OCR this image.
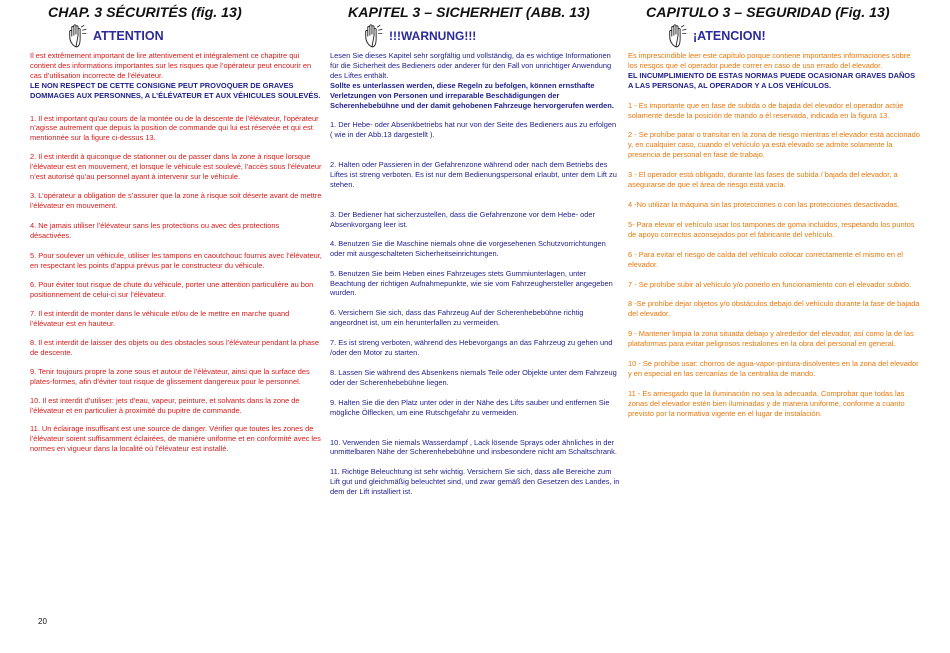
CHAP. 3 SÉCURITÉS (fig. 13)
ATTENTION

Il est extrêmement important de lire attentivement et intégralement ce chapitre qui contient des informations importantes sur les risques que l’opérateur peut encourir en cas d’utilisation incorrecte de l’élévateur.
LE NON RESPECT DE CETTE CONSIGNE PEUT PROVOQUER DE GRAVES DOMMAGES AUX PERSONNES, A L’ÉLÉVATEUR ET AUX VÉHICULES SOULEVÉS.

1. Il est important qu’au cours de la montée ou de la descente de l’élévateur, l’opérateur n’agisse autrement que depuis la position de commande qui lui est réservée et qui est mentionnée sur la figure ci-dessus 13.

2. Il est interdit à quiconque de stationner ou de passer dans la zone à risque lorsque l’élévateur est en mouvement, et lorsque le véhicule est soulevé, l’accès sous l’élévateur n’est autorisé qu’au personnel ayant à intervenir sur le véhicule.

3. L’opérateur a obligation de s’assurer que la zone à risque soit déserte avant de mettre l’élévateur en mouvement.

4. Ne jamais utiliser l’élévateur sans les protections ou avec des protections désactivées.

5. Pour soulever un véhicule, utiliser les tampons en caoutchouc fournis avec l’élévateur, en respectant les points d’appui prévus par le constructeur du véhicule.

6. Pour éviter tout risque de chute du véhicule, porter une attention particulière au bon positionnement de celui-ci sur l’élévateur.

7. Il est interdit de monter dans le véhicule et/ou de le mettre en marche quand l’élévateur est en hauteur.

8. Il est interdit de laisser des objets ou des obstacles sous l’élévateur pendant la phase de descente.

9. Tenir toujours propre la zone sous et autour de l’élévateur, ainsi que la surface des plates-formes, afin d’éviter tout risque de glissement dangereux pour le personnel.

10. Il est interdit d’utiliser: jets d’eau, vapeur, peinture, et solvants dans la zone de l’élévateur et en particulier à proximité du pupitre de commande.

11. Un éclairage insuffisant est une source de danger. Vérifier que toutes les zones de l’élévateur soient suffisamment éclairées, de manière uniforme et en conformité avec les normes en vigueur dans la localité où l’élévateur est installé.

KAPITEL 3 – SICHERHEIT (ABB. 13)
!!!WARNUNG!!!

Lesen Sie dieses Kapitel sehr sorgfältig und vollständig, da es wichtige Informationen für die Sicherheit des Bedieners oder anderer für den Fall von unrichtiger Anwendung des Liftes enthält.
Sollte es unterlassen werden, diese Regeln zu befolgen, können ernsthafte Verletzungen von Personen und irreparable Beschädigungen der Scherenhebebühne und der damit gehobenen Fahrzeuge hervorgerufen werden.

1. Der Hebe- oder Absenkbetriebs hat nur von der Seite des Bedieners aus zu erfolgen ( wie in der Abb.13 dargestellt ).

2. Halten oder Passieren in der Gefahrenzone während oder nach dem Betriebs des Liftes ist streng verboten. Es ist nur dem Bedienungspersonal erlaubt, unter dem Lift zu stehen.

3. Der Bediener hat sicherzustellen, dass die Gefahrenzone vor dem Hebe- oder Absenkvorgang leer ist.

4. Benutzen Sie die Maschine niemals ohne die vorgesehenen Schutzvorrichtungen oder mit ausgeschalteten Sicherheitseinrichtungen.

5. Benutzen Sie beim Heben eines Fahrzeuges stets Gummiunterlagen, unter Beachtung der richtigen Aufnahmepunkte, wie sie vom Fahrzeughersteller angegeben wurden.

6. Versichern Sie sich, dass das Fahrzeug Auf der Scherenhebebühne richtig angeordnet ist, um ein herunterfallen zu vermeiden.

7. Es ist streng verboten, während des Hebevorgangs an das Fahrzeug zu gehen und /oder den Motor zu starten.

8. Lassen Sie während des Absenkens niemals Teile oder Objekte unter dem Fahrzeug oder der Scherenhebebühne liegen.

9. Halten Sie die den Platz unter oder in der Nähe des Lifts sauber und entfernen Sie mögliche Ölflecken, um eine Rutschgefahr zu vermeiden.

10. Verwenden Sie niemals Wasserdampf , Lack lösende Sprays oder ähnliches in der unmittelbaren Nähe der Scherenhebebühne und insbesondere nicht am Schaltschrank.

11. Richtige Beleuchtung ist sehr wichtig. Versichern Sie sich, dass alle Bereiche zum Lift gut und gleichmäßig beleuchtet sind, und zwar gemäß den Gesetzen des Landes, in dem der Lift installiert ist.

CAPITULO 3 – SEGURIDAD (Fig. 13)
¡ATENCION!

Es imprescindible leer este capítulo porque contiene importantes informaciones sobre los riesgos que el operador puede correr en caso de uso errado del elevador.
EL INCUMPLIMIENTO DE ESTAS NORMAS PUEDE OCASIONAR GRAVES DAÑOS A LAS PERSONAS, AL OPERADOR Y A LOS VEHÍCULOS.

1 - Es importante que en fase de subida o de bajada del elevador el operador actúe solamente desde la posición de mando a él reservada, indicada en la figura 13.

2 - Se prohíbe parar o transitar en la zona de riesgo mientras el elevador está accionado y, en cualquier caso, cuando el vehículo ya está elevado se admite solamente la presencia de personal en fase de trabajo.

3 - El operador está obligado, durante las fases de subida / bajada del elevador, a asegurarse de que el área de riesgo está vacía.

4 -No utilizar la máquina sin las protecciones o con las protecciones desactivadas.

5- Para elevar el vehículo usar los tampones de goma incluidos, respetando los puntos de apoyo correctos aconsejados por el fabricante del vehículo.

6 - Para evitar el riesgo de caída del vehículo colocar correctamente el mismo en el elevador.

7 - Se prohíbe subir al vehículo y/o ponerlo en funcionamiento con el elevador subido.

8 -Se prohíbe dejar objetos y/o obstáculos debajo del vehículo durante la fase de bajada del elevador.

9 - Mantener limpia la zona situada debajo y alrededor del elevador, así como la de las plataformas para evitar peligrosos resbalones en la obra del personal en general.

10 - Se prohíbe usar: chorros de agua-vapor-pintura-disolventes en la zona del elevador y en especial en las cercanías de la centralita de mando.

11 - Es arriesgado que la iluminación no sea la adecuada. Comprobar que todas las zonas del elevador estén bien iluminadas y de manera uniforme, conforme a cuanto previsto por la normativa vigente en el lugar de instalación.

20
